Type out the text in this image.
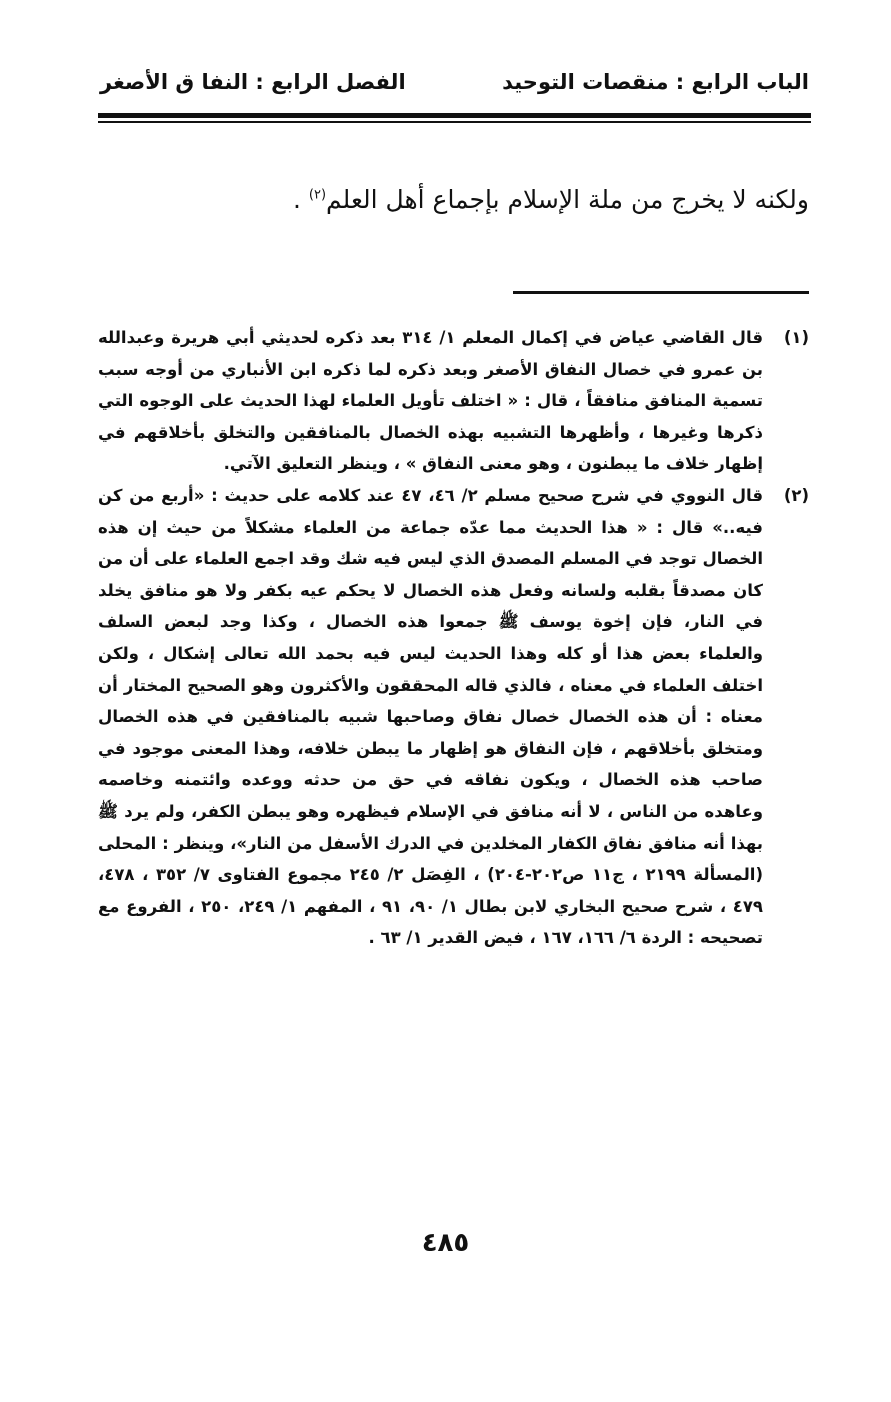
الباب الرابع : منقصات التوحيد
الفصل الرابع : النفا ق الأصغر
ولكنه لا يخرج من ملة الإسلام بإجماع أهل العلم$^{(٢)}$ .
(١)
قال القاضي عياض في إكمال المعلم ١/ ٣١٤ بعد ذكره لحديثي أبي هريرة وعبدالله بن عمرو في خصال النفاق الأصغر وبعد ذكره لما ذكره ابن الأنباري من أوجه سبب تسمية المنافق منافقاً ، قال : « اختلف تأويل العلماء لهذا الحديث على الوجوه التي ذكرها وغيرها ، وأظهرها التشبيه بهذه الخصال بالمنافقين والتخلق بأخلاقهم في إظهار خلاف ما يبطنون ، وهو معنى النفاق » ، وينظر التعليق الآتي.
(٢)
قال النووي في شرح صحيح مسلم ٢/ ٤٦، ٤٧ عند كلامه على حديث : «أربع من كن فيه..» قال : « هذا الحديث مما عدّه جماعة من العلماء مشكلاً من حيث إن هذه الخصال توجد في المسلم المصدق الذي ليس فيه شك وقد اجمع العلماء على أن من كان مصدقاً بقلبه ولسانه وفعل هذه الخصال لا يحكم عيه بكفر ولا هو منافق يخلد في النار، فإن إخوة يوسف ﷺ جمعوا هذه الخصال ، وكذا وجد لبعض السلف والعلماء بعض هذا أو كله وهذا الحديث ليس فيه بحمد الله تعالى إشكال ، ولكن اختلف العلماء في معناه ، فالذي قاله المحققون والأكثرون وهو الصحيح المختار أن معناه : أن هذه الخصال خصال نفاق وصاحبها شبيه بالمنافقين في هذه الخصال ومتخلق بأخلاقهم ، فإن النفاق هو إظهار ما يبطن خلافه، وهذا المعنى موجود في صاحب هذه الخصال ، ويكون نفاقه في حق من حدثه ووعده وائتمنه وخاصمه وعاهده من الناس ، لا أنه منافق في الإسلام فيظهره وهو يبطن الكفر، ولم يرد ﷺ بهذا أنه منافق نفاق الكفار المخلدين في الدرك الأسفل من النار»، وينظر : المحلى (المسألة ٢١٩٩ ، ج١١ ص٢٠٢-٢٠٤) ، الفِصَل ٢/ ٢٤٥ مجموع الفتاوى ٧/ ٣٥٢ ، ٤٧٨، ٤٧٩ ، شرح صحيح البخاري لابن بطال ١/ ٩٠، ٩١ ، المفهم ١/ ٢٤٩، ٢٥٠ ، الفروع مع تصحيحه : الردة ٦/ ١٦٦، ١٦٧ ، فيض القدير ١/ ٦٣ .
٤٨٥
